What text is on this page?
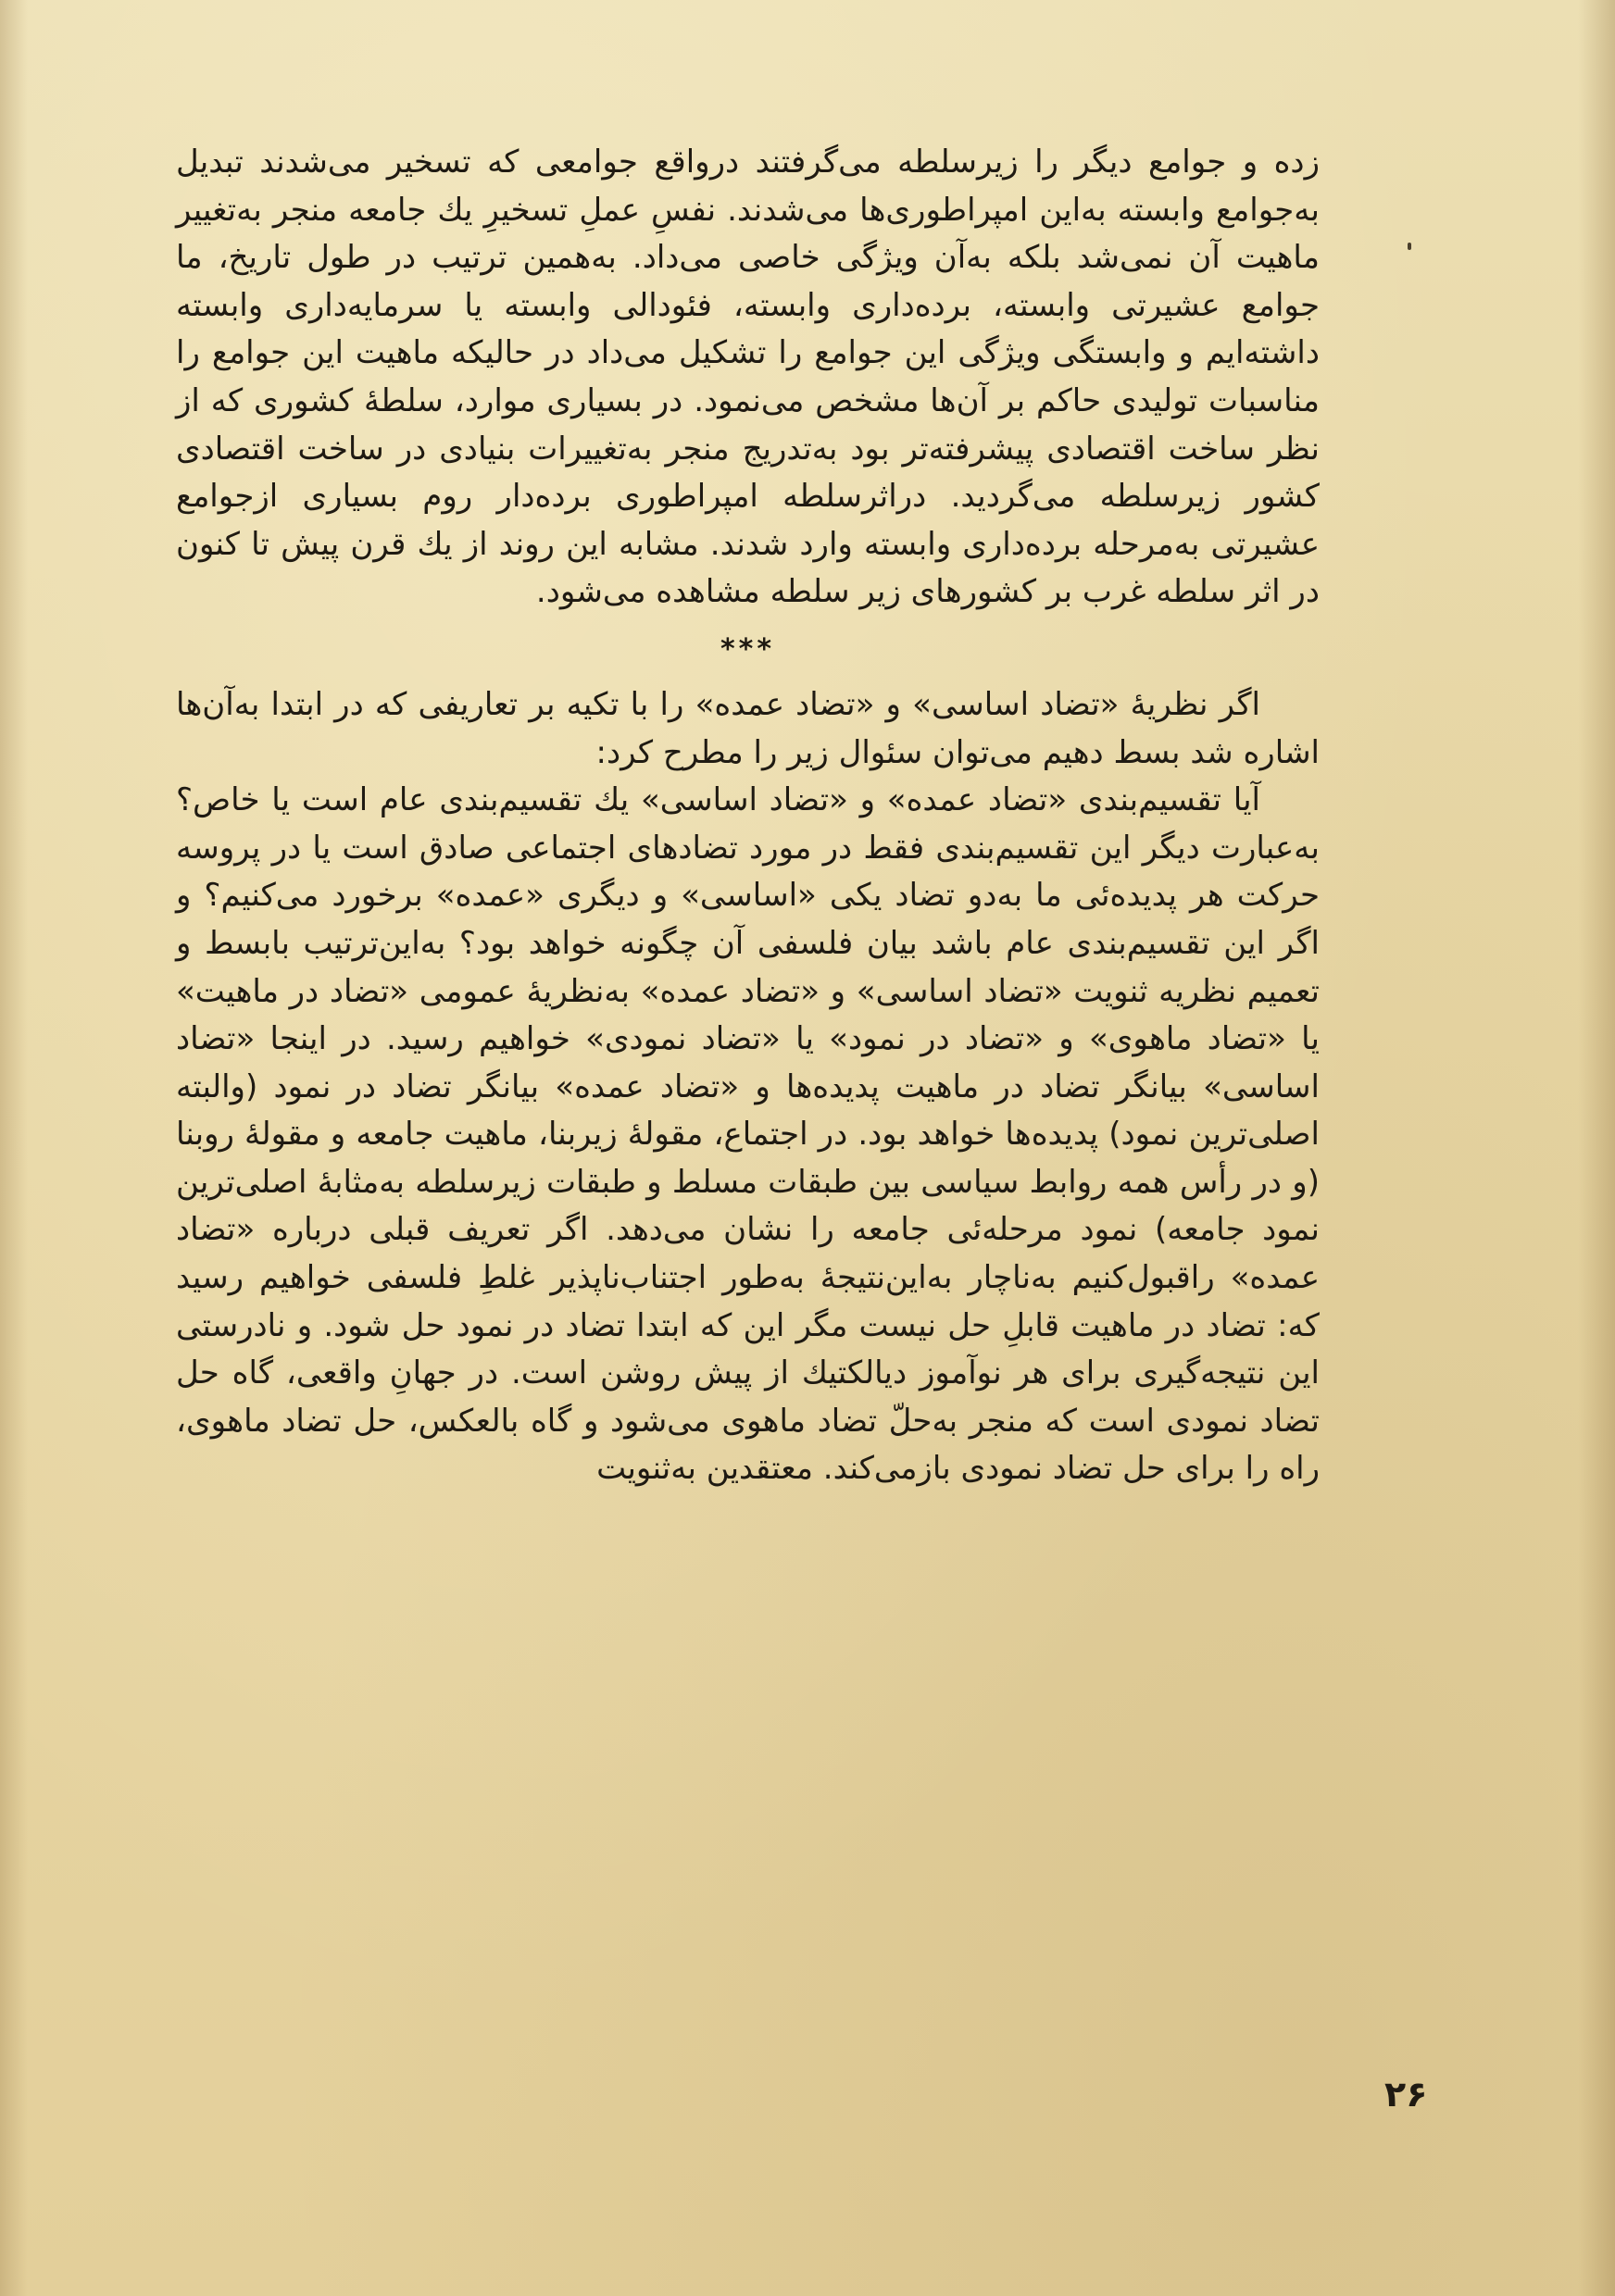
زده و جوامع دیگر را زیرسلطه می‌گرفتند درواقع جوامعی که تسخیر می‌شدند تبدیل به‌جوامع وابسته به‌این امپراطوری‌ها می‌شدند. نفسِ عملِ تسخیرِ یك جامعه منجر به‌تغییر ماهیت آن نمی‌شد بلکه به‌آن ویژگی خاصی می‌داد. به‌همین ترتیب در طول تاریخ، ما جوامع عشیرتی وابسته، برده‌داری وابسته، فئودالی وابسته یا سرمایه‌داری وابسته داشته‌ایم و وابستگی ویژگی این جوامع را تشکیل می‌داد در حالیکه ماهیت این جوامع را مناسبات تولیدی حاکم بر آن‌ها مشخص می‌نمود. در بسیاری موارد، سلطهٔ کشوری که از نظر ساخت اقتصادی پیشرفته‌تر بود به‌تدریج منجر به‌تغییرات بنیادی در ساخت اقتصادی کشور زیرسلطه می‌گردید. دراثرسلطه امپراطوری برده‌دار روم بسیاری ازجوامع عشیرتی به‌مرحله برده‌داری وابسته وارد شدند. مشابه این روند از یك قرن پیش تا کنون در اثر سلطه غرب بر کشورهای زیر سلطه مشاهده می‌شود.

***

اگر نظریهٔ «تضاد اساسی» و «تضاد عمده» را با تکیه بر تعاریفی که در ابتدا به‌آن‌ها اشاره شد بسط دهیم می‌توان سئوال زیر را مطرح کرد:

آیا تقسیم‌بندی «تضاد عمده» و «تضاد اساسی» یك تقسیم‌بندی عام است یا خاص؟ به‌عبارت دیگر این تقسیم‌بندی فقط در مورد تضادهای اجتماعی صادق است یا در پروسه حرکت هر پدیده‌ئی ما به‌دو تضاد یکی «اساسی» و دیگری «عمده» برخورد می‌کنیم؟ و اگر این تقسیم‌بندی عام باشد بیان فلسفی آن چگونه خواهد بود؟ به‌این‌ترتیب بابسط و تعمیم نظریه ثنویت «تضاد اساسی» و «تضاد عمده» به‌نظریهٔ عمومی «تضاد در ماهیت» یا «تضاد ماهوی» و «تضاد در نمود» یا «تضاد نمودی» خواهیم رسید. در اینجا «تضاد اساسی» بیانگر تضاد در ماهیت پدیده‌ها و «تضاد عمده» بیانگر تضاد در نمود (والبته اصلی‌ترین نمود) پدیده‌ها خواهد بود. در اجتماع، مقولهٔ زیربنا، ماهیت جامعه و مقولهٔ روبنا (و در رأس همه روابط سیاسی بین طبقات مسلط و طبقات زیرسلطه به‌مثابهٔ اصلی‌ترین نمود جامعه) نمود مرحله‌ئی جامعه را نشان می‌دهد. اگر تعریف قبلی درباره «تضاد عمده» راقبول‌کنیم به‌ناچار به‌این‌نتیجهٔ به‌طور اجتناب‌ناپذیر غلطِ فلسفی خواهیم رسید که: تضاد در ماهیت قابلِ حل نیست مگر این که ابتدا تضاد در نمود حل شود. و نادرستی این نتیجه‌گیری برای هر نوآموز دیالکتیك از پیش روشن است. در جهانِ واقعی، گاه حل تضاد نمودی است که منجر به‌حلّ تضاد ماهوی می‌شود و گاه بالعکس، حل تضاد ماهوی، راه را برای حل تضاد نمودی بازمی‌کند. معتقدین به‌ثنویت

۲۶
